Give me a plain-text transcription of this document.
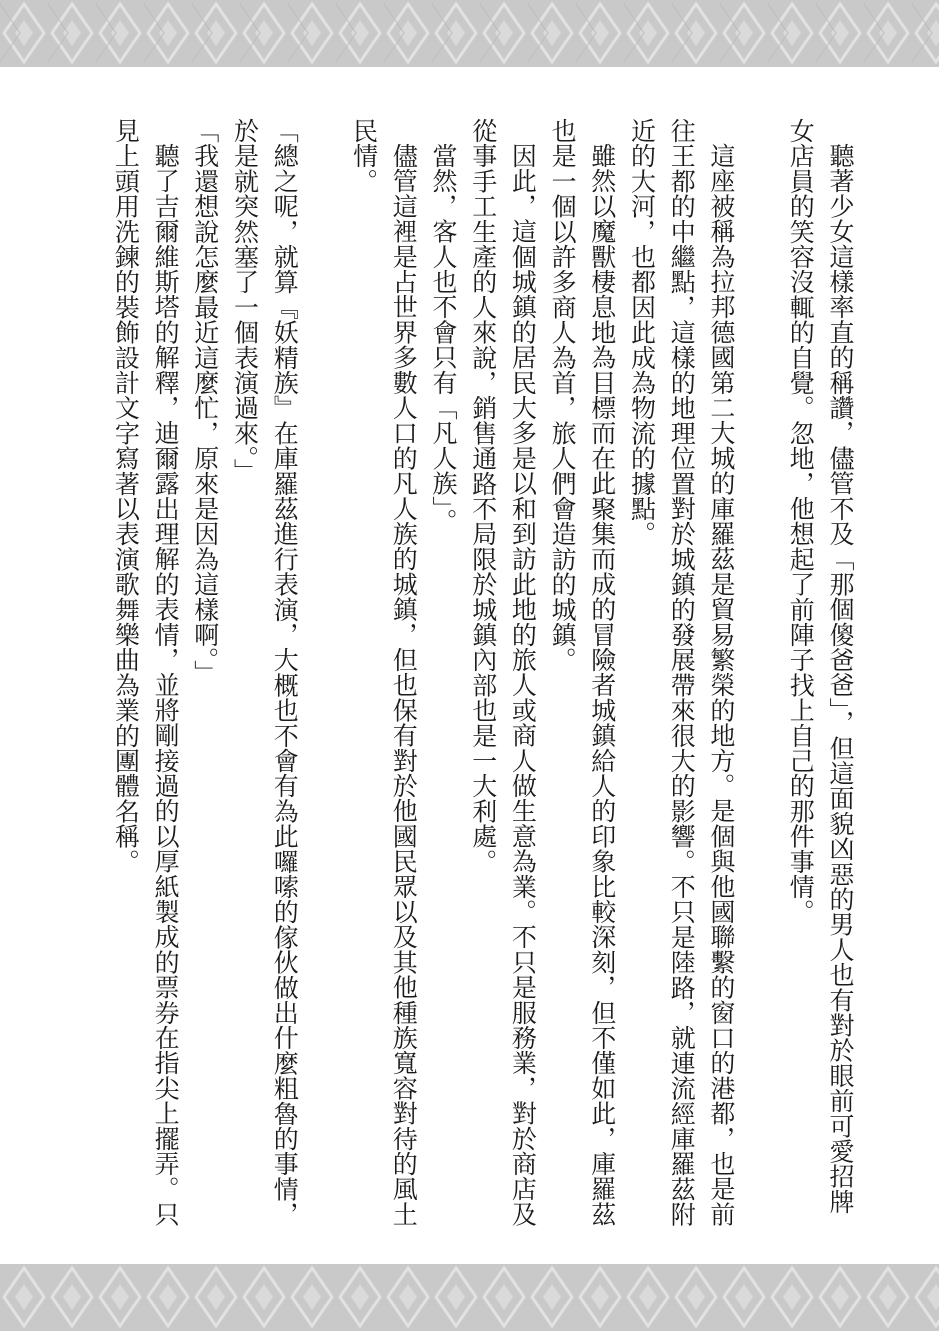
聽著少女這樣率直的稱讚，儘管不及「那個傻爸爸」，但這面貌凶惡的男人也有對於眼前可愛招牌女店員的笑容沒輒的自覺。忽地，他想起了前陣子找上自己的那件事情。

這座被稱為拉邦德國第二大城的庫羅茲是貿易繁榮的地方。是個與他國聯繫的窗口的港都，也是前往王都的中繼點，這樣的地理位置對於城鎮的發展帶來很大的影響。不只是陸路，就連流經庫羅茲附近的大河，也都因此成為物流的據點。

雖然以魔獸棲息地為目標而在此聚集而成的冒險者城鎮給人的印象比較深刻，但不僅如此，庫羅茲也是一個以許多商人為首，旅人們會造訪的城鎮。

因此，這個城鎮的居民大多是以和到訪此地的旅人或商人做生意為業。不只是服務業，對於商店及從事手工生產的人來說，銷售通路不局限於城鎮內部也是一大利處。

當然，客人也不會只有「凡人族」。

儘管這裡是占世界多數人口的凡人族的城鎮，但也保有對於他國民眾以及其他種族寬容對待的風土民情。

「總之呢，就算『妖精族』在庫羅茲進行表演，大概也不會有為此囉嗦的傢伙做出什麼粗魯的事情，於是就突然塞了一個表演過來。」

「我還想說怎麼最近這麼忙，原來是因為這樣啊。」

聽了吉爾維斯塔的解釋，迪爾露出理解的表情，並將剛接過的以厚紙製成的票券在指尖上擺弄。只見上頭用洗鍊的裝飾設計文字寫著以表演歌舞樂曲為業的團體名稱。
